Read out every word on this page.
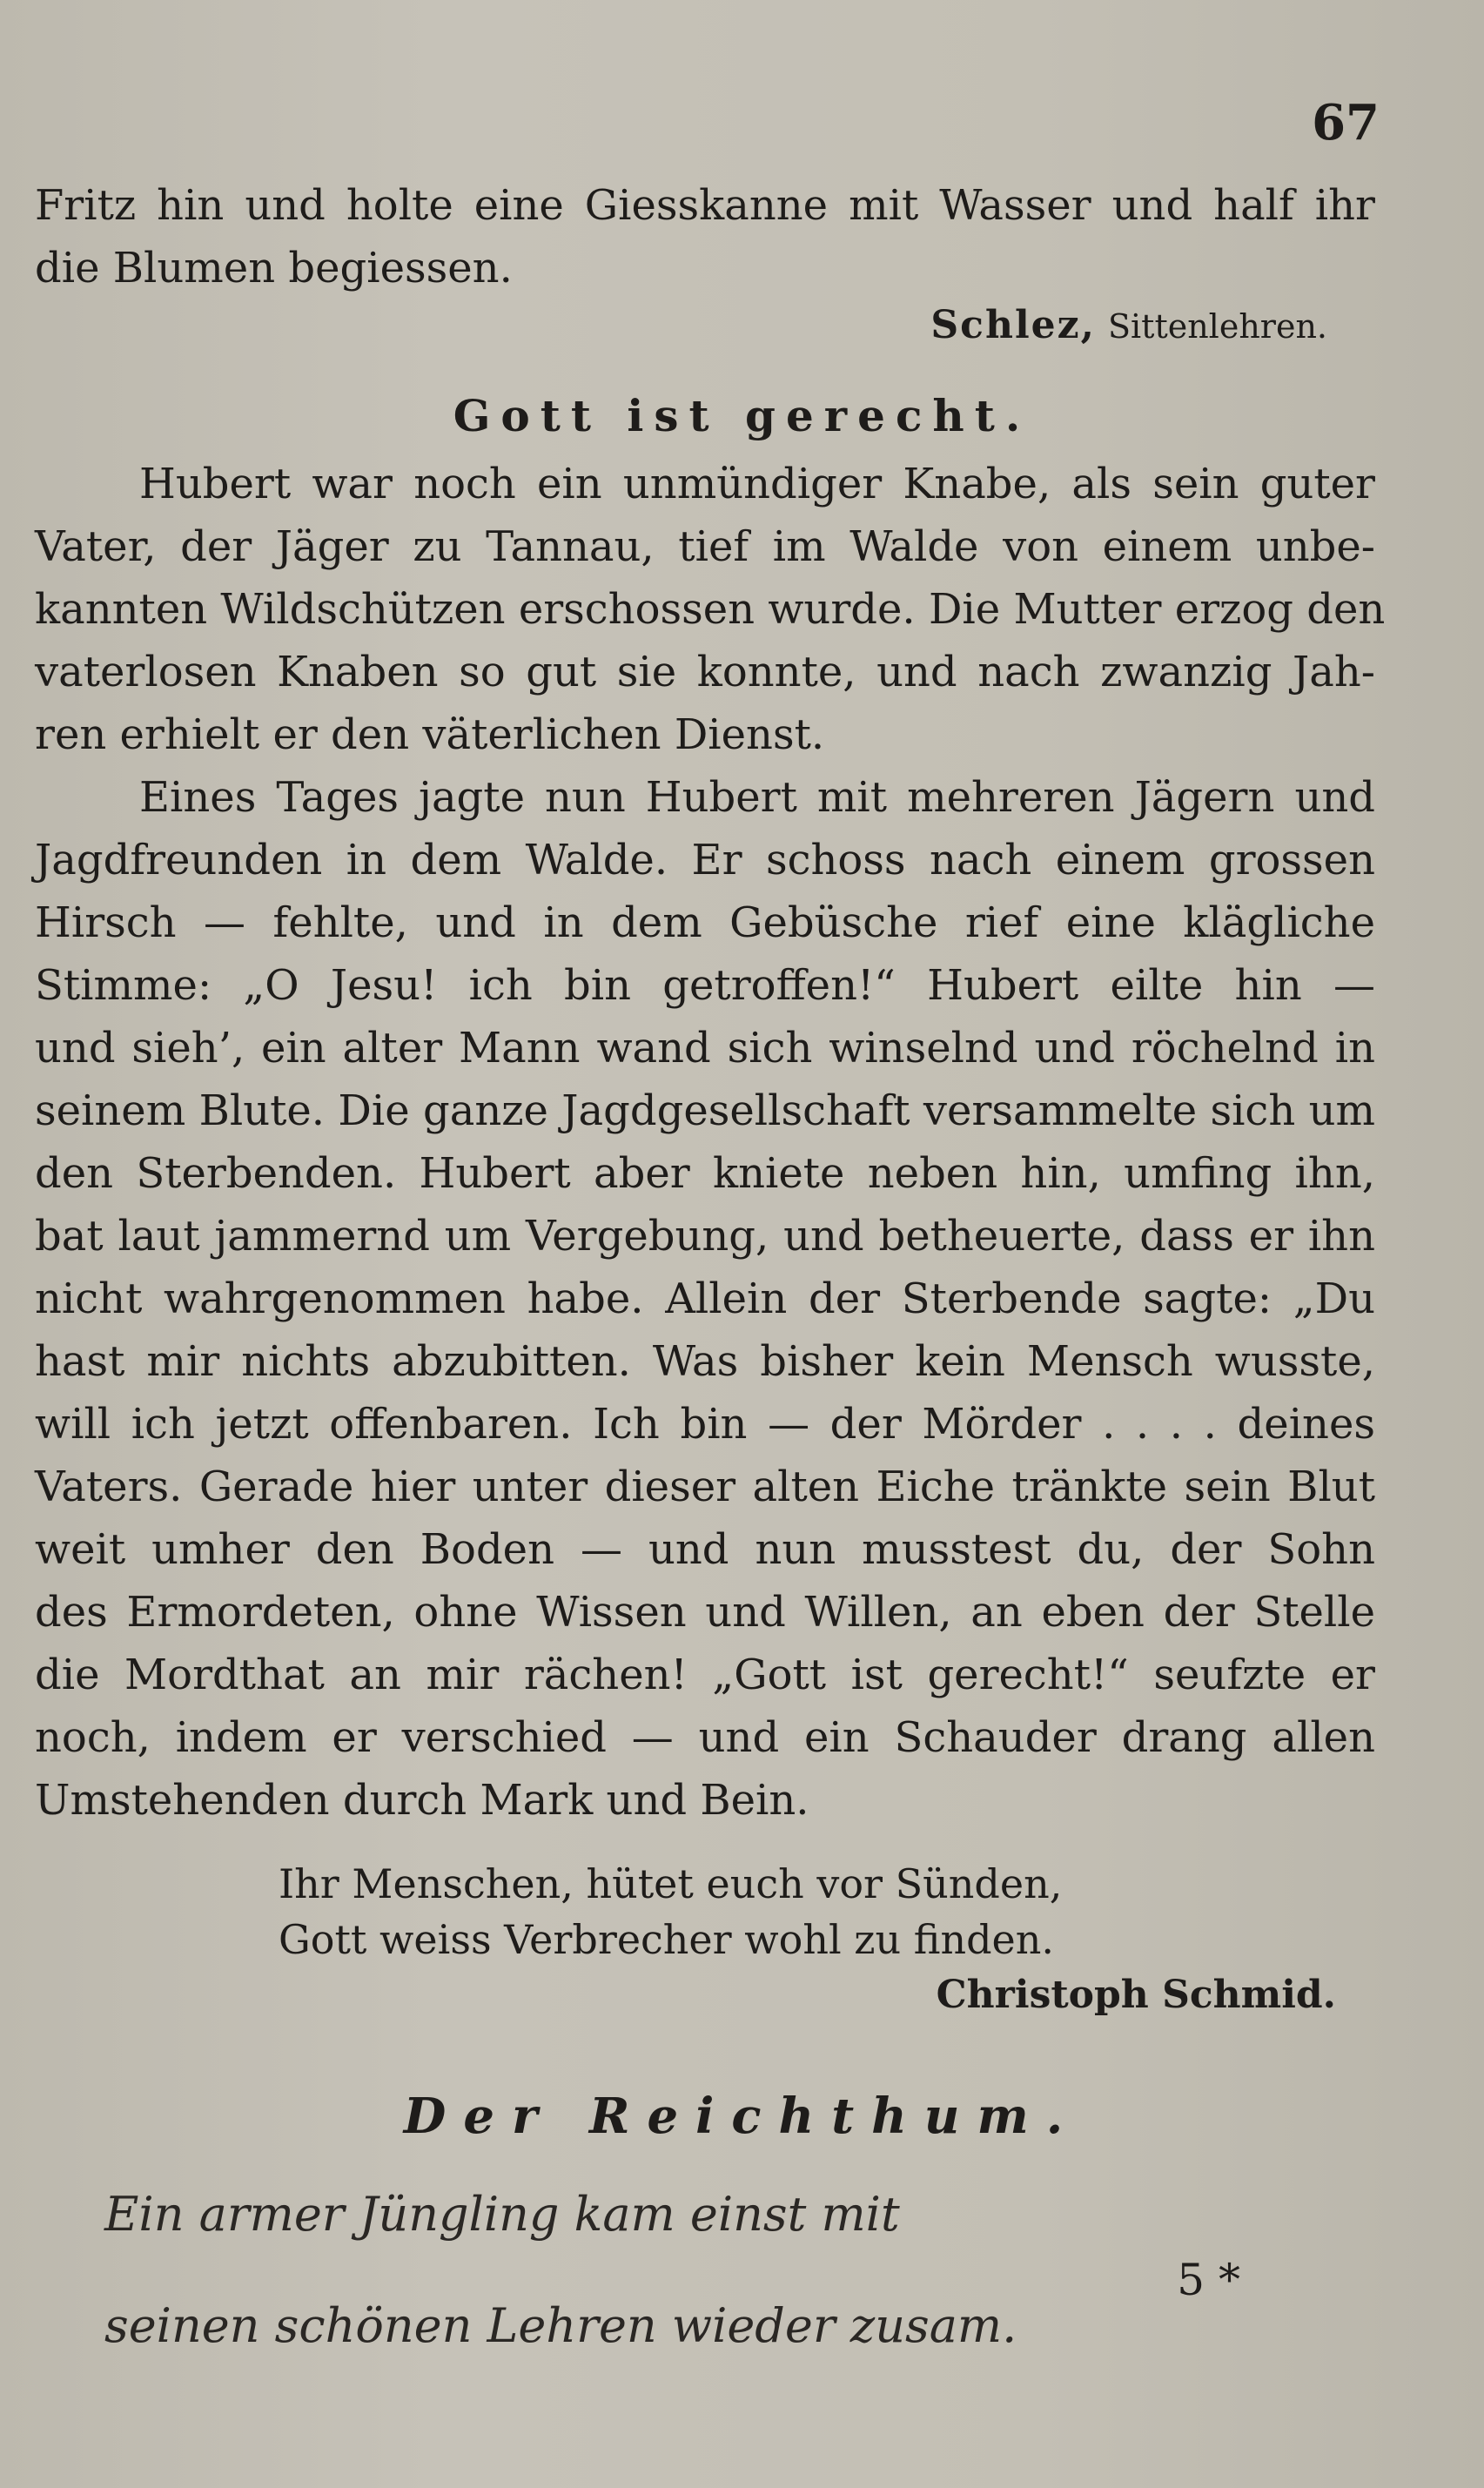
67

Fritz hin und holte eine Giesskanne mit Wasser und half ihr

die Blumen begiessen.

Schlez, Sittenlehren.
Gott ist gerecht.

Hubert war noch ein unmündiger Knabe, als sein guter

Vater, der Jäger zu Tannau, tief im Walde von einem unbe-

kannten Wildschützen erschossen wurde. Die Mutter erzog den

vaterlosen Knaben so gut sie konnte, und nach zwanzig Jah-

ren erhielt er den väterlichen Dienst.

Eines Tages jagte nun Hubert mit mehreren Jägern und

Jagdfreunden in dem Walde. Er schoss nach einem grossen

Hirsch — fehlte, und in dem Gebüsche rief eine klägliche

Stimme: „O Jesu! ich bin getroffen!“ Hubert eilte hin —

und sieh’, ein alter Mann wand sich winselnd und röchelnd in

seinem Blute. Die ganze Jagdgesellschaft versammelte sich um

den Sterbenden. Hubert aber kniete neben hin, umfing ihn,

bat laut jammernd um Vergebung, und betheuerte, dass er ihn

nicht wahrgenommen habe. Allein der Sterbende sagte: „Du

hast mir nichts abzubitten. Was bisher kein Mensch wusste,

will ich jetzt offenbaren. Ich bin — der Mörder . . . . deines

Vaters. Gerade hier unter dieser alten Eiche tränkte sein Blut

weit umher den Boden — und nun musstest du, der Sohn

des Ermordeten, ohne Wissen und Willen, an eben der Stelle

die Mordthat an mir rächen! „Gott ist gerecht!“ seufzte er

noch, indem er verschied — und ein Schauder drang allen

Umstehenden durch Mark und Bein.

Ihr Menschen, hütet euch vor Sünden,
Gott weiss Verbrecher wohl zu finden.
Christoph Schmid.
Der Reichthum.
Ein armer Jüngling kam einst mit
seinen schönen Lehren wieder zusam.
5 *
